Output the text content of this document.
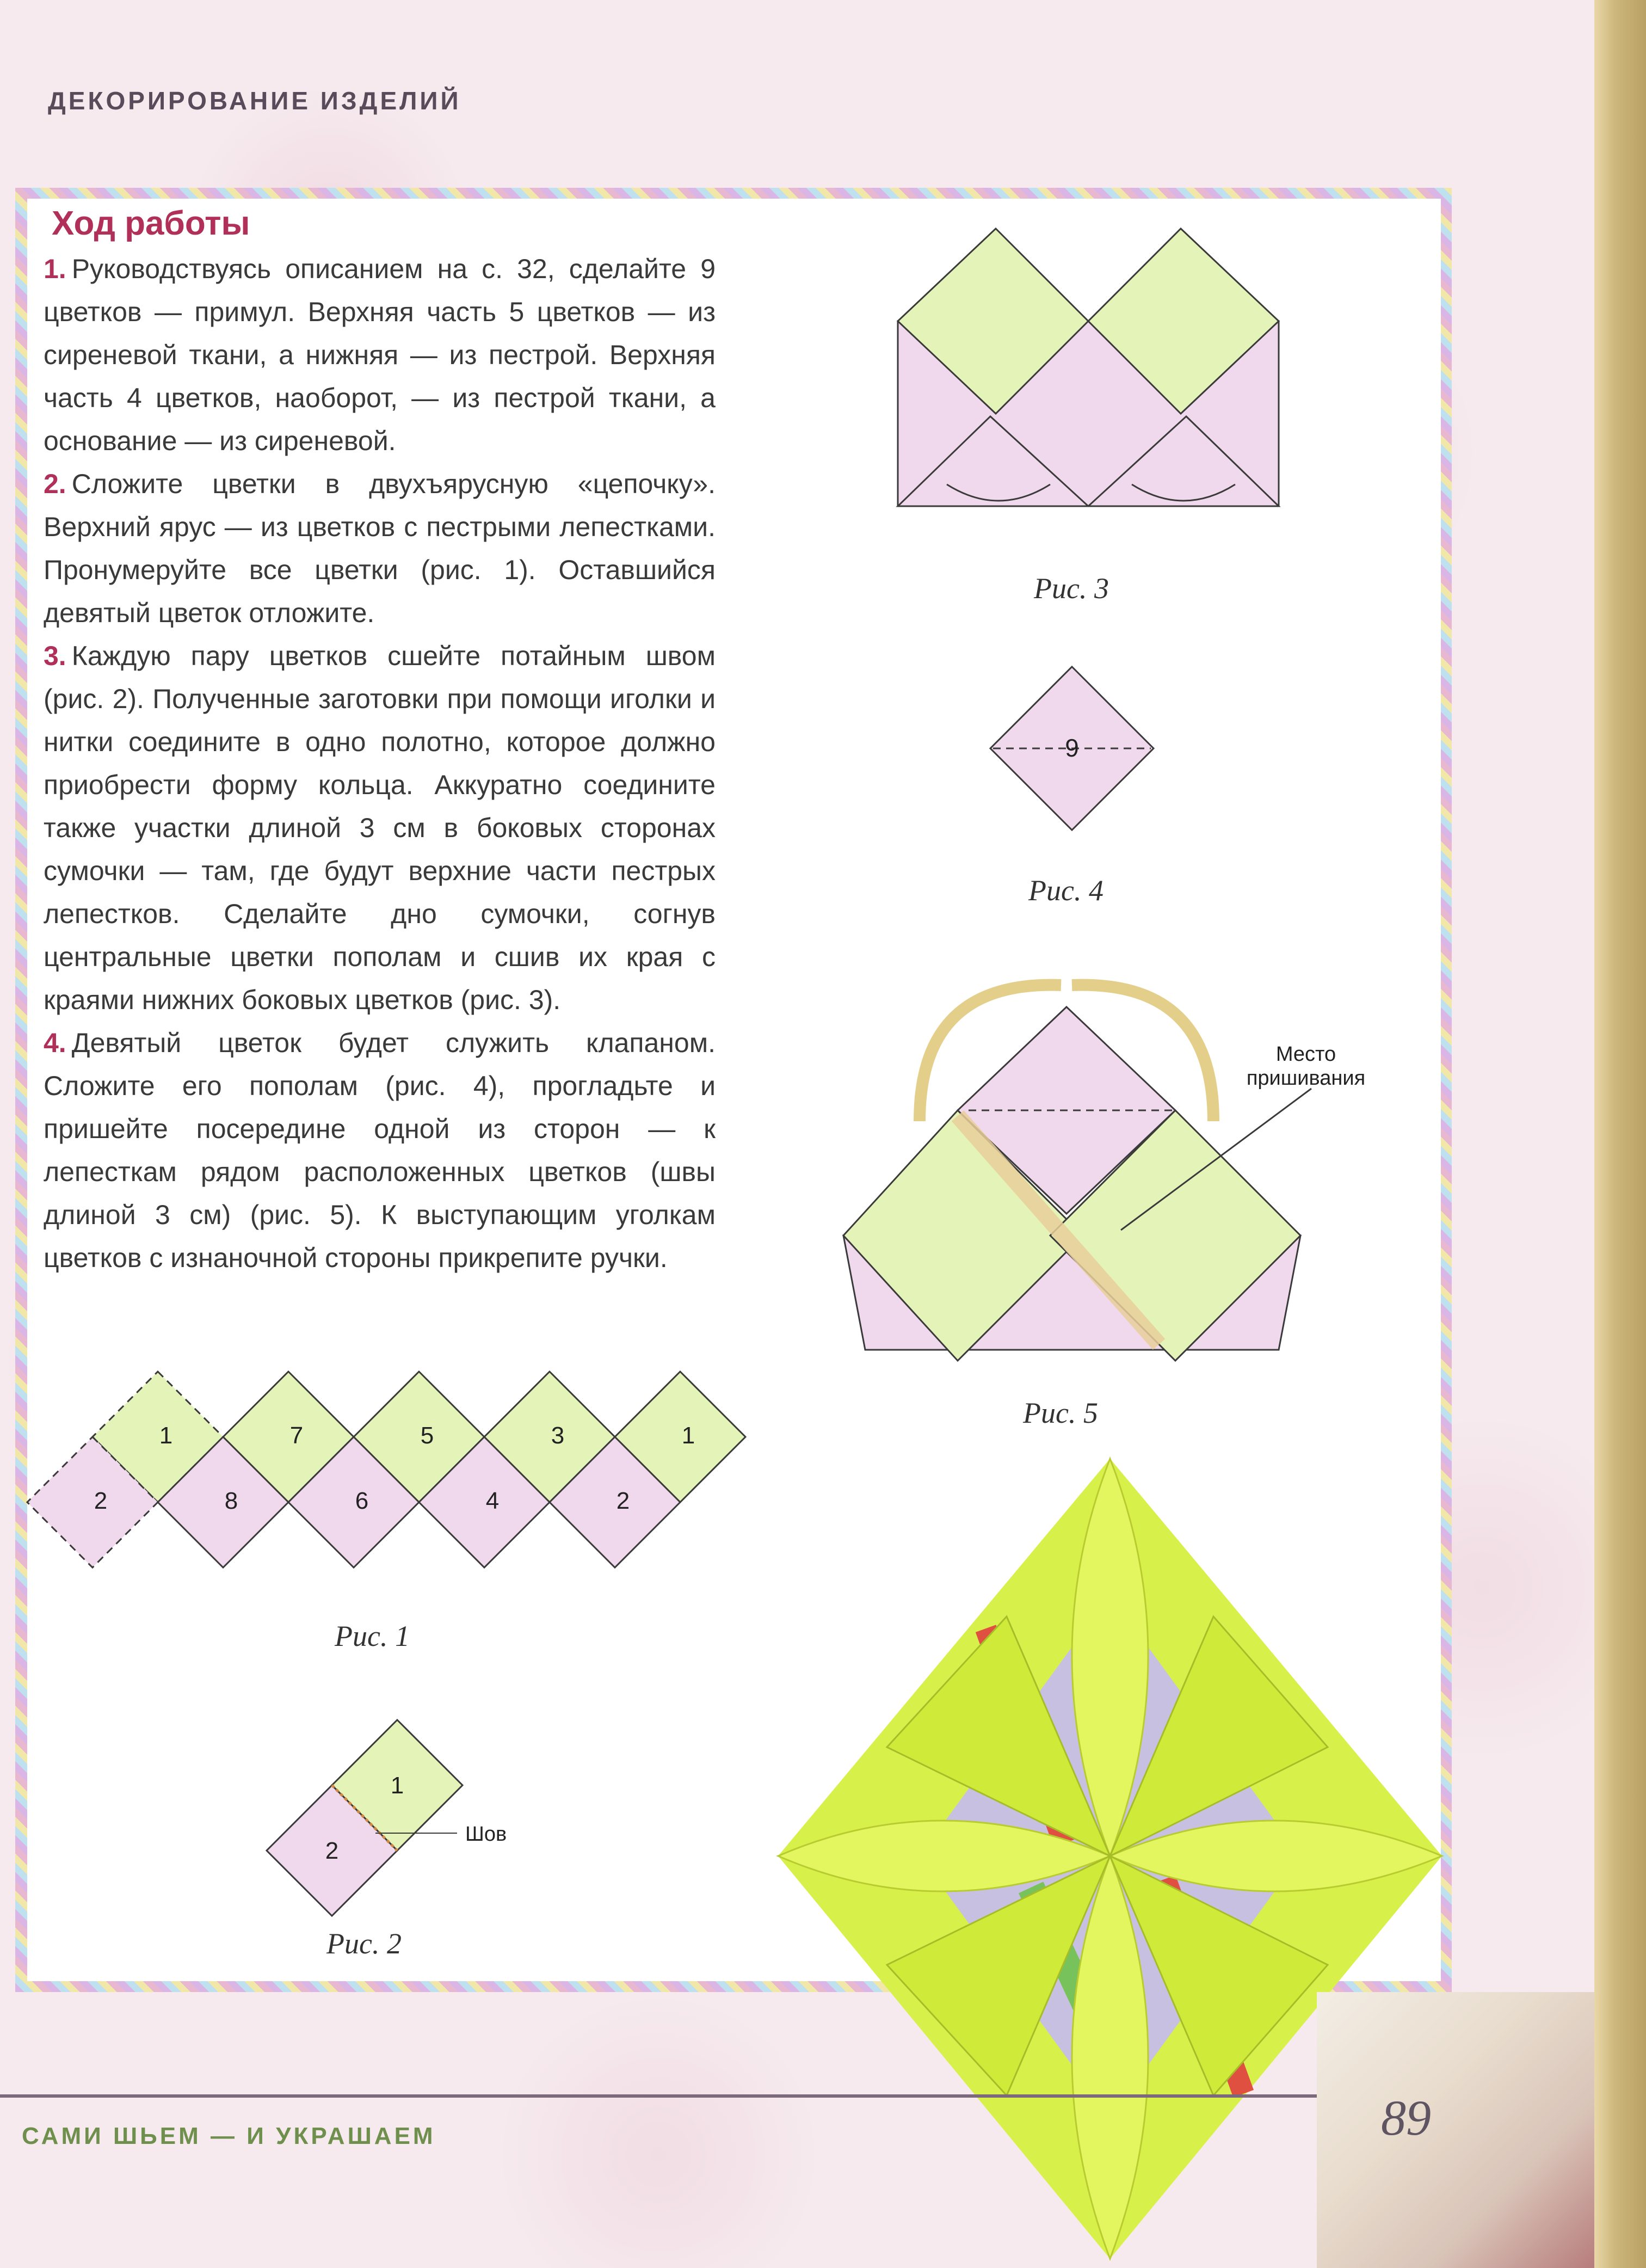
ДЕКОРИРОВАНИЕ ИЗДЕЛИЙ
Ход работы

1. Руководствуясь описанием на с. 32, сделайте 9 цветков — примул. Верхняя часть 5 цветков — из сиреневой ткани, а нижняя — из пестрой. Верхняя часть 4 цветков, наоборот, — из пестрой ткани, а основание — из сиреневой.

2. Сложите цветки в двухъярусную «цепочку». Верхний ярус — из цветков с пестрыми лепестками. Пронумеруйте все цветки (рис. 1). Оставшийся девятый цветок отложите.

3. Каждую пару цветков сшейте потайным швом (рис. 2). Полученные заготовки при помощи иголки и нитки соедините в одно полотно, которое должно приобрести форму кольца. Аккуратно соедините также участки длиной 3 см в боковых сторонах сумочки — там, где будут верхние части пестрых лепестков. Сделайте дно сумочки, согнув центральные цветки пополам и сшив их края с краями нижних боковых цветков (рис. 3).

4. Девятый цветок будет служить клапаном. Сложите его пополам (рис. 4), прогладьте и пришейте посередине одной из сторон — к лепесткам рядом расположенных цветков (швы длиной 3 см) (рис. 5). К выступающим уголкам цветков с изнаночной стороны прикрепите ручки.

1	7	5	3	1
2	8	6	4	2
Рис. 1
1
2
Шов
Рис. 2
Рис. 3
9
Рис. 4
Место пришивания
Рис. 5
САМИ ШЬЕМ — И УКРАШАЕМ	89
